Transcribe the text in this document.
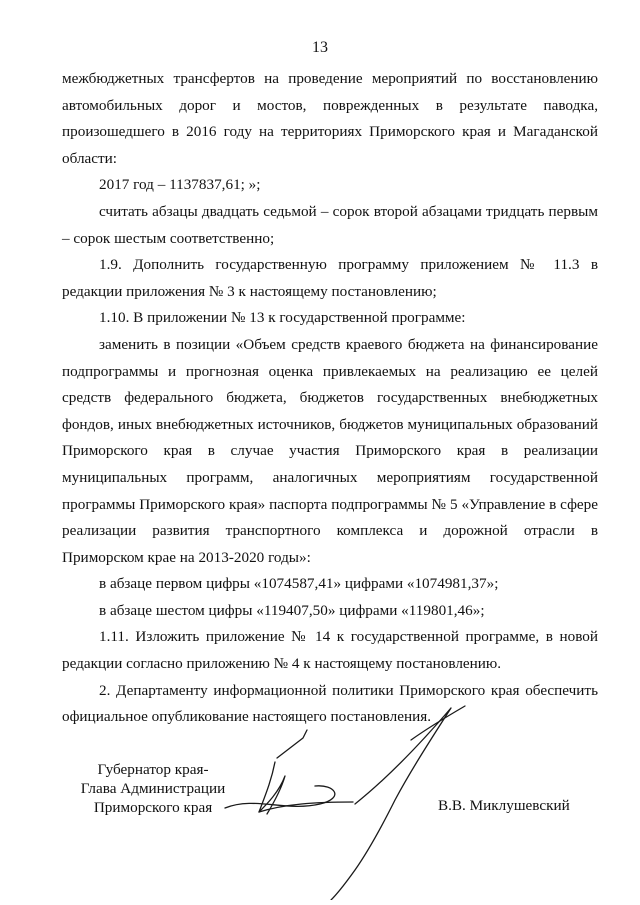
13

межбюджетных трансфертов на проведение мероприятий по восстановлению автомобильных дорог и мостов, поврежденных в результате паводка, произошедшего в 2016 году на территориях Приморского края и Магаданской области:

2017 год – 1137837,61; »;

считать абзацы двадцать седьмой – сорок второй абзацами тридцать первым – сорок шестым соответственно;

1.9. Дополнить государственную программу приложением № 11.3 в редакции приложения № 3 к настоящему постановлению;

1.10. В приложении № 13 к государственной программе:

заменить в позиции «Объем средств краевого бюджета на финансирование подпрограммы и прогнозная оценка привлекаемых на реализацию ее целей средств федерального бюджета, бюджетов государственных внебюджетных фондов, иных внебюджетных источников, бюджетов муниципальных образований Приморского края в случае участия Приморского края в реализации муниципальных программ, аналогичных мероприятиям государственной программы Приморского края» паспорта подпрограммы № 5 «Управление в сфере реализации развития транспортного комплекса и дорожной отрасли в Приморском крае на 2013-2020 годы»:

в абзаце первом цифры «1074587,41» цифрами «1074981,37»;

в абзаце шестом цифры «119407,50» цифрами «119801,46»;

1.11. Изложить приложение № 14 к государственной программе, в новой редакции согласно приложению № 4 к настоящему постановлению.

2. Департаменту информационной политики Приморского края обеспечить официальное опубликование настоящего постановления.

Губернатор края-
Глава Администрации
Приморского края	В.В. Миклушевский
